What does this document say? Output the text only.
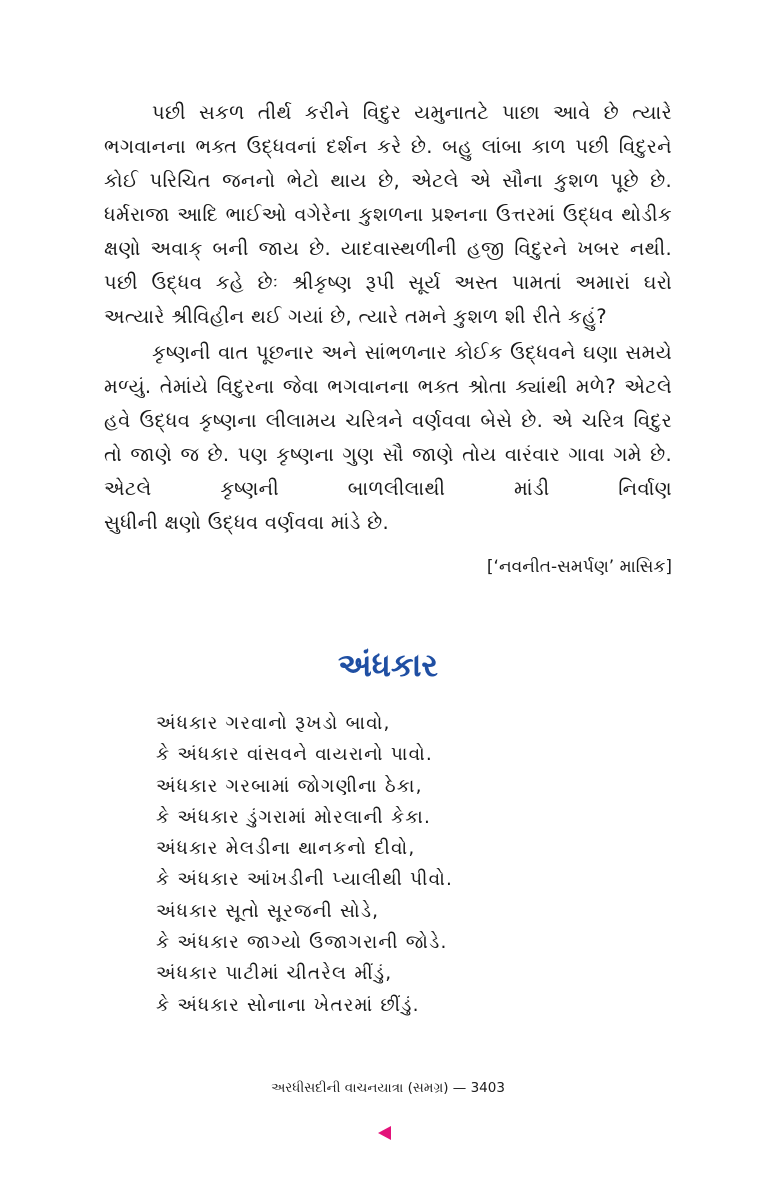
પછી સકળ તીર્થ કરીને વિદુર યમુનાતટે પાછા આવે છે ત્યારે ભગવાનના ભક્ત ઉદ્ધવનાં દર્શન કરે છે. બહુ લાંબા કાળ પછી વિદુરને કોઈ પરિચિત જનનો ભેટો થાય છે, એટલે એ સૌના કુશળ પૂછે છે. ધર્મરાજા આદિ ભાઈઓ વગેરેના કુશળના પ્રશ્નના ઉત્તરમાં ઉદ્ધવ થોડીક ક્ષણો અવાક્ બની જાય છે. યાદવાસ્થળીની હજી વિદુરને ખબર નથી. પછી ઉદ્ધવ કહે છેઃ શ્રીકૃષ્ણ રૂપી સૂર્ય અસ્ત પામતાં અમારાં ઘરો
અત્યારે શ્રીવિહીન થઈ ગયાં છે, ત્યારે તમને કુશળ શી રીતે કહું?

કૃષ્ણની વાત પૂછનાર અને સાંભળનાર કોઈક ઉદ્ધવને ઘણા સમયે મળ્યું. તેમાંયે વિદુરના જેવા ભગવાનના ભક્ત શ્રોતા ક્યાંથી મળે? એટલે હવે ઉદ્ધવ કૃષ્ણના લીલામય ચરિત્રને વર્ણવવા બેસે છે. એ ચરિત્ર વિદુર તો જાણે જ છે. પણ કૃષ્ણના ગુણ સૌ જાણે તોય વારંવાર ગાવા ગમે છે. એટલે કૃષ્ણની બાળલીલાથી માંડી નિર્વાણ
સુધીની ક્ષણો ઉદ્ધવ વર્ણવવા માંડે છે.

[‘નવનીત-સમર્પણ’ માસિક]
અંધકાર
અંધકાર ગરવાનો રૂખડો બાવો,
કે અંધકાર વાંસવને વાયરાનો પાવો.
અંધકાર ગરબામાં જોગણીના ઠેકા,
કે અંધકાર ડુંગરામાં મોરલાની કેકા.
અંધકાર મેલડીના થાનકનો દીવો,
કે અંધકાર આંખડીની પ્યાલીથી પીવો.
અંધકાર સૂતો સૂરજની સોડે,
કે અંધકાર જાગ્યો ઉજાગરાની જોડે.
અંધકાર પાટીમાં ચીતરેલ મીંડું,
કે અંધકાર સોનાના ખેતરમાં છીંડું.
અરધીસદીની વાચનયાત્રા (સમગ્ર) — 3403
